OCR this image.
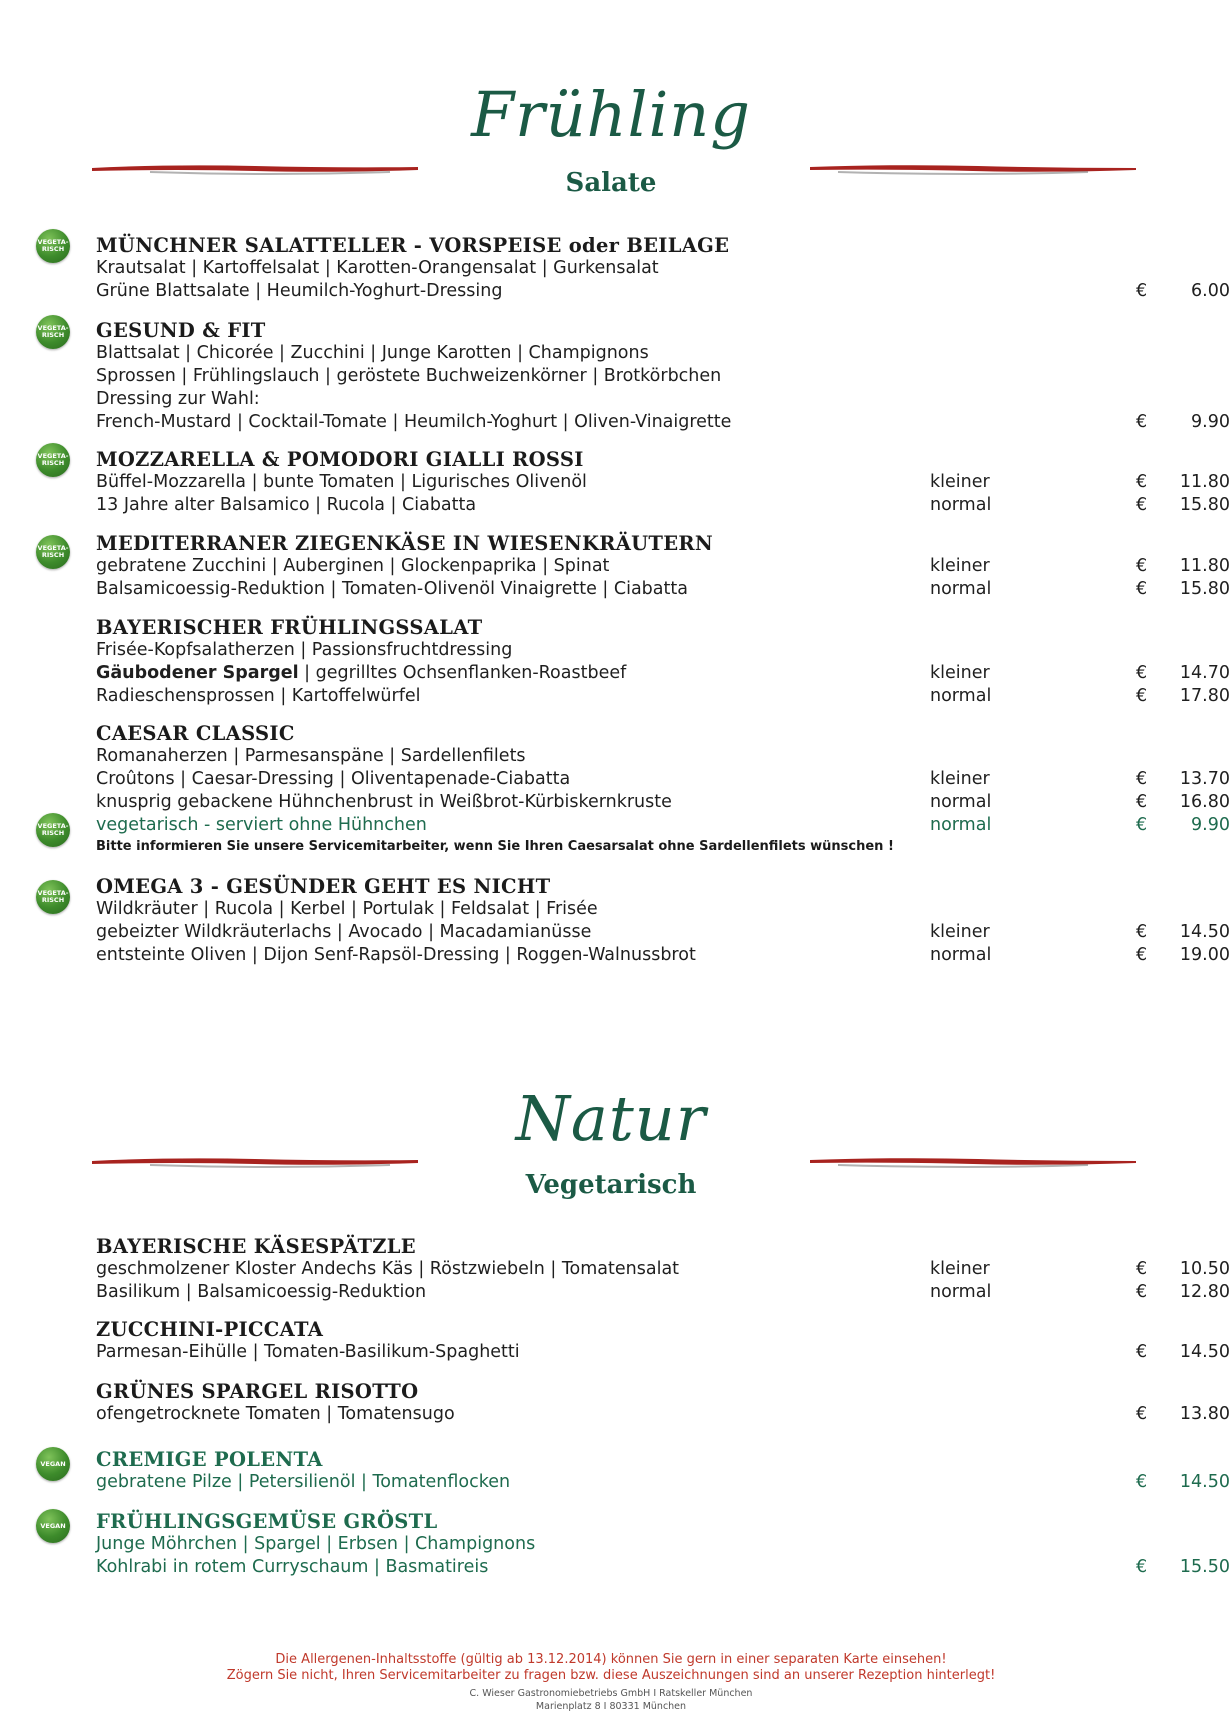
Frühling
Salate
VEGETA-
RISCH MÜNCHNER SALATTELLER - VORSPEISE oder BEILAGE
Krautsalat | Kartoffelsalat | Karotten-Orangensalat | Gurkensalat
Grüne Blattsalate | Heumilch-Yoghurt-Dressing	€	6.00
VEGETA-
RISCH GESUND & FIT
Blattsalat | Chicorée | Zucchini | Junge Karotten | Champignons
Sprossen | Frühlingslauch | geröstete Buchweizenkörner | Brotkörbchen
Dressing zur Wahl:
French-Mustard | Cocktail-Tomate | Heumilch-Yoghurt | Oliven-Vinaigrette	€	9.90
VEGETA-
RISCH MOZZARELLA & POMODORI GIALLI ROSSI
Büffel-Mozzarella | bunte Tomaten | Ligurisches Olivenöl	kleiner	€	11.80
13 Jahre alter Balsamico | Rucola | Ciabatta	normal	€	15.80
VEGETA-
RISCH MEDITERRANER ZIEGENKÄSE IN WIESENKRÄUTERN
gebratene Zucchini | Auberginen | Glockenpaprika | Spinat	kleiner	€	11.80
Balsamicoessig-Reduktion | Tomaten-Olivenöl Vinaigrette | Ciabatta	normal	€	15.80
BAYERISCHER FRÜHLINGSSALAT
Frisée-Kopfsalatherzen | Passionsfruchtdressing
Gäubodener Spargel | gegrilltes Ochsenflanken-Roastbeef	kleiner	€	14.70
Radieschensprossen | Kartoffelwürfel	normal	€	17.80
VEGETA-
RISCH
CAESAR CLASSIC
Romanaherzen | Parmesanspäne | Sardellenfilets
Croûtons | Caesar-Dressing | Oliventapenade-Ciabatta	kleiner	€	13.70
knusprig gebackene Hühnchenbrust in Weißbrot-Kürbiskernkruste	normal	€	16.80
vegetarisch - serviert ohne Hühnchen	normal	€	9.90
Bitte informieren Sie unsere Servicemitarbeiter, wenn Sie Ihren Caesarsalat ohne Sardellenfilets wünschen !
VEGETA-
RISCH
OMEGA 3 - GESÜNDER GEHT ES NICHT
Wildkräuter | Rucola | Kerbel | Portulak | Feldsalat | Frisée
gebeizter Wildkräuterlachs | Avocado | Macadamianüsse	kleiner	€	14.50
entsteinte Oliven | Dijon Senf-Rapsöl-Dressing | Roggen-Walnussbrot	normal	€	19.00
Natur
Vegetarisch
BAYERISCHE KÄSESPÄTZLE
geschmolzener Kloster Andechs Käs | Röstzwiebeln | Tomatensalat	kleiner	€	10.50
Basilikum | Balsamicoessig-Reduktion	normal	€	12.80
ZUCCHINI-PICCATA
Parmesan-Eihülle | Tomaten-Basilikum-Spaghetti	€	14.50
GRÜNES SPARGEL RISOTTO
ofengetrocknete Tomaten | Tomatensugo	€	13.80
VEGAN CREMIGE POLENTA
gebratene Pilze | Petersilienöl | Tomatenflocken	€	14.50
VEGAN FRÜHLINGSGEMÜSE GRÖSTL
Junge Möhrchen | Spargel | Erbsen | Champignons
Kohlrabi in rotem Curryschaum | Basmatireis	€	15.50
Die Allergenen-Inhaltsstoffe (gültig ab 13.12.2014) können Sie gern in einer separaten Karte einsehen!
Zögern Sie nicht, Ihren Servicemitarbeiter zu fragen bzw. diese Auszeichnungen sind an unserer Rezeption hinterlegt!
C. Wieser Gastronomiebetriebs GmbH I Ratskeller München
Marienplatz 8 I 80331 München
